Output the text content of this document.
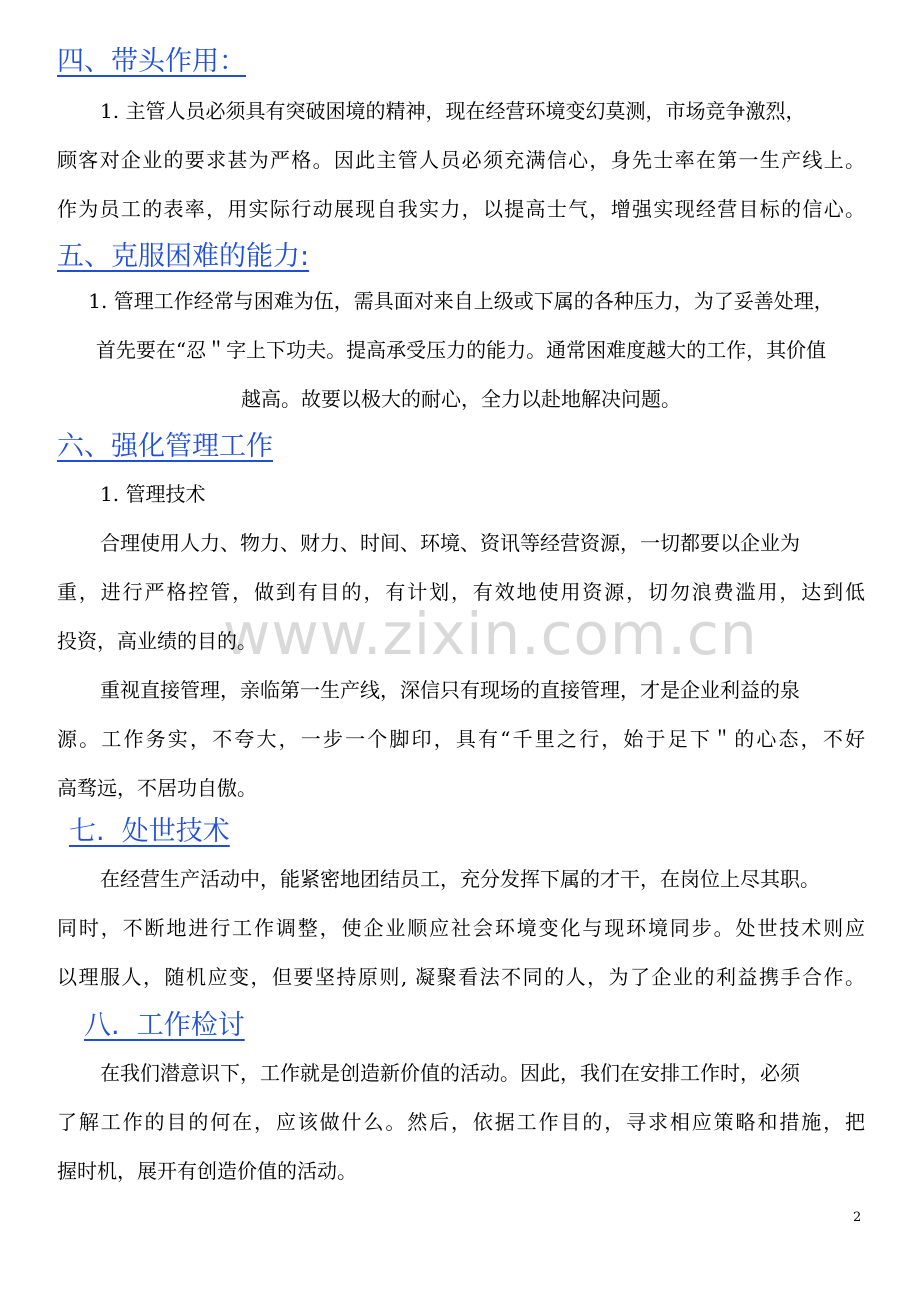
www.zixin.com.cn
四、带头作用：
1. 主管人员必须具有突破困境的精神，现在经营环境变幻莫测，市场竞争激烈，
顾客对企业的要求甚为严格。因此主管人员必须充满信心，身先士率在第一生产线上。
作为员工的表率，用实际行动展现自我实力，以提高士气，增强实现经营目标的信心。
五、克服困难的能力:
1. 管理工作经常与困难为伍，需具面对来自上级或下属的各种压力，为了妥善处理，
首先要在“忍＂字上下功夫。提高承受压力的能力。通常困难度越大的工作，其价值
越高。故要以极大的耐心，全力以赴地解决问题。
六、强化管理工作
1. 管理技术
合理使用人力、物力、财力、时间、环境、资讯等经营资源，一切都要以企业为
重，进行严格控管，做到有目的，有计划，有效地使用资源，切勿浪费滥用，达到低
投资，高业绩的目的。
重视直接管理，亲临第一生产线，深信只有现场的直接管理，才是企业利益的泉
源。工作务实，不夸大，一步一个脚印，具有“千里之行，始于足下＂的心态，不好
高骛远，不居功自傲。
七.  处世技术
在经营生产活动中，能紧密地团结员工，充分发挥下属的才干，在岗位上尽其职。
同时，不断地进行工作调整，使企业顺应社会环境变化与现环境同步。处世技术则应
以理服人，随机应变，但要坚持原则, 凝聚看法不同的人，为了企业的利益携手合作。
八.  工作检讨
在我们潜意识下，工作就是创造新价值的活动。因此，我们在安排工作时，必须
了解工作的目的何在，应该做什么。然后，依据工作目的，寻求相应策略和措施，把
握时机，展开有创造价值的活动。
2
